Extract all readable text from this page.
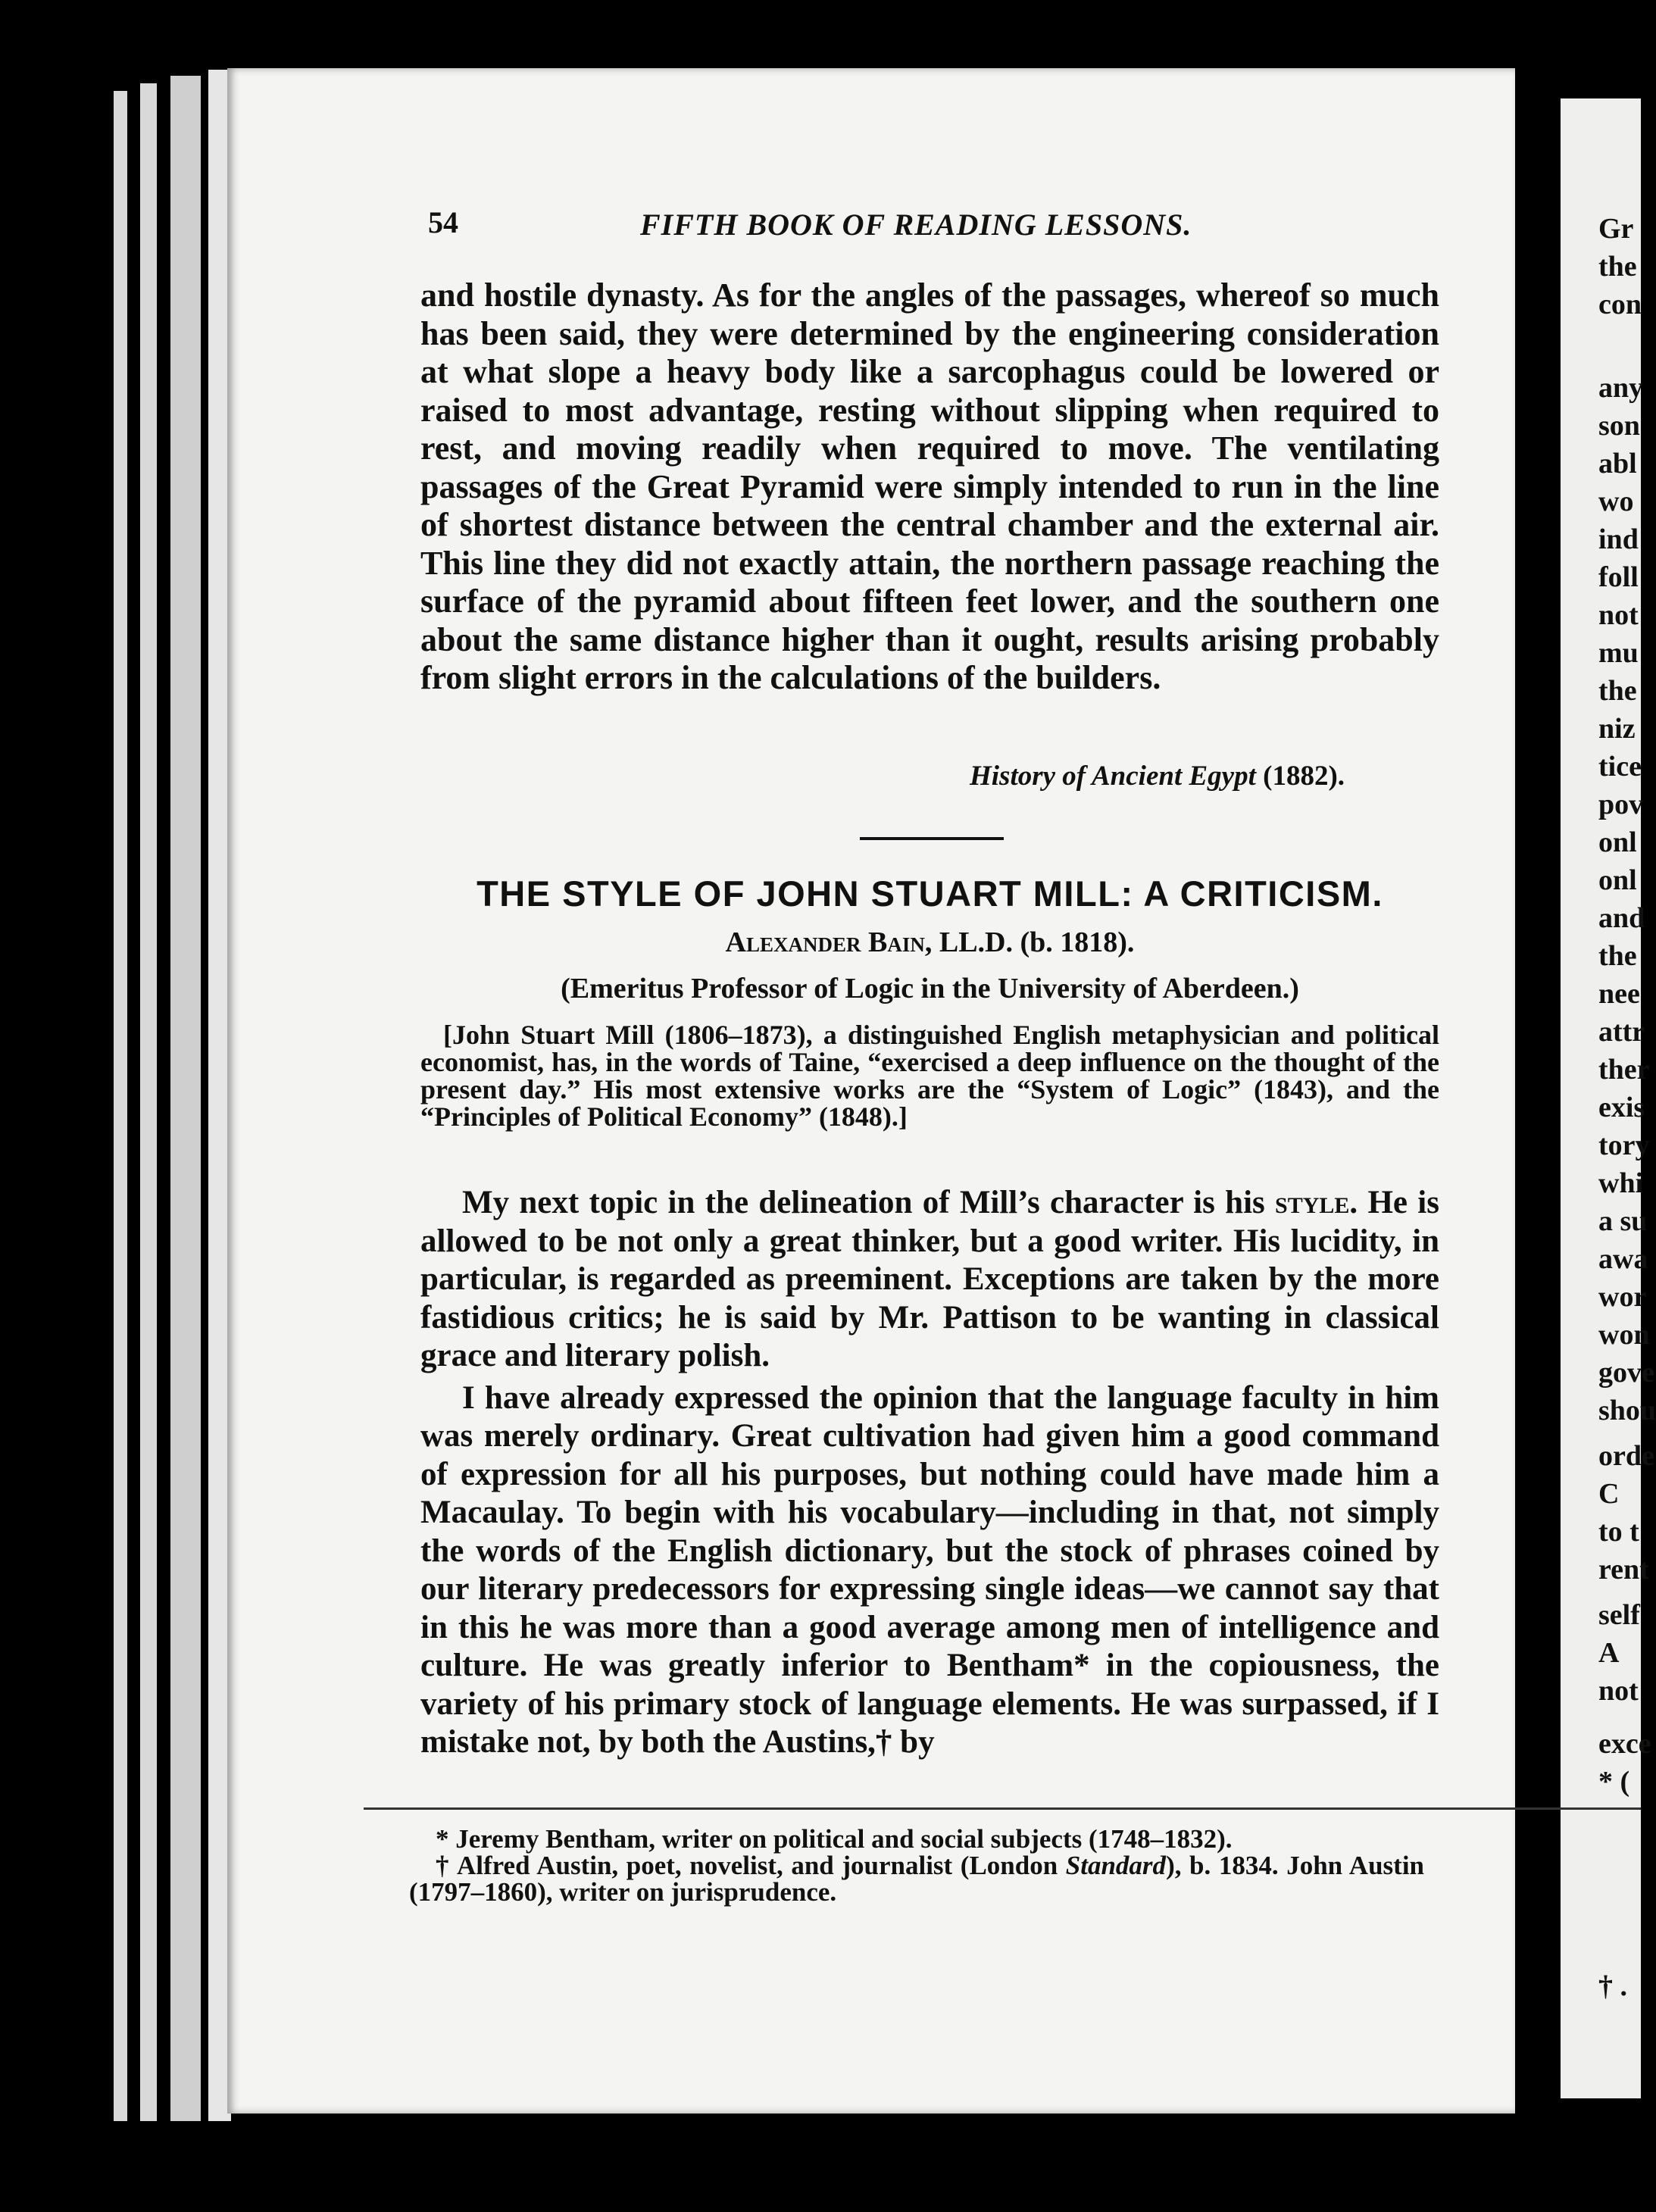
Gr
the
con
any
son
abl
wo
ind
foll
not
mu
the
niz
tice
pov
onl
onl
and
the
nee
attr
ther
exis
tory
whi
a su
awa
wor
won
gove
shou
orde
C
to t
rent
self
A
not
exce
* (
† .
54	FIFTH BOOK OF READING LESSONS.

and hostile dynasty. As for the angles of the passages, whereof so much has been said, they were determined by the engineering consideration at what slope a heavy body like a sarcophagus could be lowered or raised to most advantage, resting without slipping when required to rest, and moving readily when required to move. The ventilating passages of the Great Pyramid were simply intended to run in the line of shortest distance between the central chamber and the external air. This line they did not exactly attain, the northern passage reaching the surface of the pyramid about fifteen feet lower, and the southern one about the same distance higher than it ought, results arising probably from slight errors in the calculations of the builders.

History of Ancient Egypt (1882).
THE STYLE OF JOHN STUART MILL: A CRITICISM.
Alexander Bain, LL.D. (b. 1818).
(Emeritus Professor of Logic in the University of Aberdeen.)

[John Stuart Mill (1806–1873), a distinguished English metaphysician and political economist, has, in the words of Taine, “exercised a deep influence on the thought of the present day.” His most extensive works are the “System of Logic” (1843), and the “Principles of Political Economy” (1848).]

My next topic in the delineation of Mill’s character is his style. He is allowed to be not only a great thinker, but a good writer. His lucidity, in particular, is regarded as preeminent. Exceptions are taken by the more fastidious critics; he is said by Mr. Pattison to be wanting in classical grace and literary polish.

I have already expressed the opinion that the language faculty in him was merely ordinary. Great cultivation had given him a good command of expression for all his purposes, but nothing could have made him a Macaulay. To begin with his vocabulary—including in that, not simply the words of the English dictionary, but the stock of phrases coined by our literary predecessors for expressing single ideas—we cannot say that in this he was more than a good average among men of intelligence and culture. He was greatly inferior to Bentham* in the copiousness, the variety of his primary stock of language elements. He was surpassed, if I mistake not, by both the Austins,† by

* Jeremy Bentham, writer on political and social subjects (1748–1832).

† Alfred Austin, poet, novelist, and journalist (London Standard), b. 1834. John Austin (1797–1860), writer on jurisprudence.
